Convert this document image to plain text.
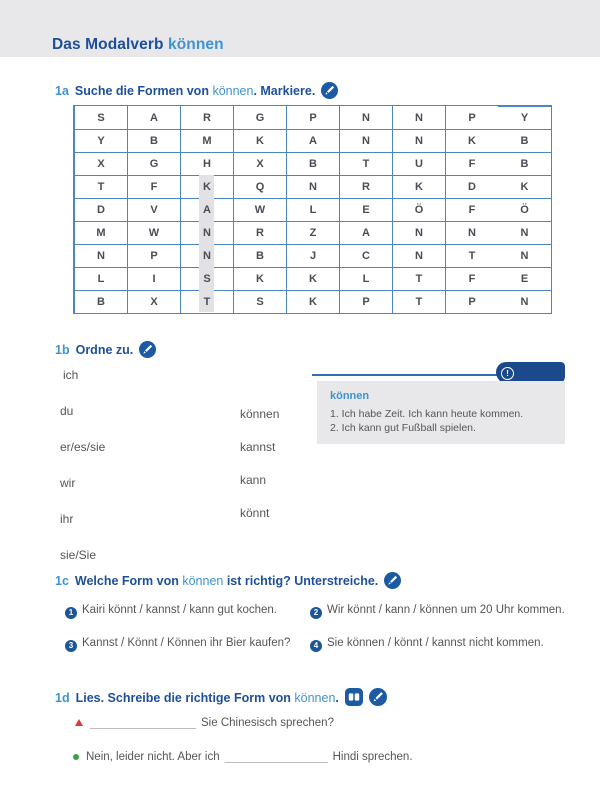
Das Modalverb können
1a Suche die Formen von können. Markiere.
S	A	R	G	P	N	N	P	Y
Y	B	M	K	A	N	N	K	B
X	G	H	X	B	T	U	F	B
T	F	K	Q	N	R	K	D	K
D	V	A	W	L	E	Ö	F	Ö
M	W	N	R	Z	A	N	N	N
N	P	N	B	J	C	N	T	N
L	I	S	K	K	L	T	F	E
B	X	T	S	K	P	T	P	N
1b Ordne zu.
ich
du
er/es/sie
wir
ihr
sie/Sie
können
kannst
kann
könnt
!
können
1. Ich habe Zeit. Ich kann heute kommen.
2. Ich kann gut Fußball spielen.
1c Welche Form von können ist richtig? Unterstreiche.
1 Kairi könnt / kannst / kann gut kochen.	2 Wir könnt / kann / können um 20 Uhr kommen.
3 Kannst / Könnt / Können ihr Bier kaufen?	4 Sie können / könnt / kannst nicht kommen.
1d Lies. Schreibe die richtige Form von können.
Sie Chinesisch sprechen?
Nein, leider nicht. Aber ich	Hindi sprechen.
